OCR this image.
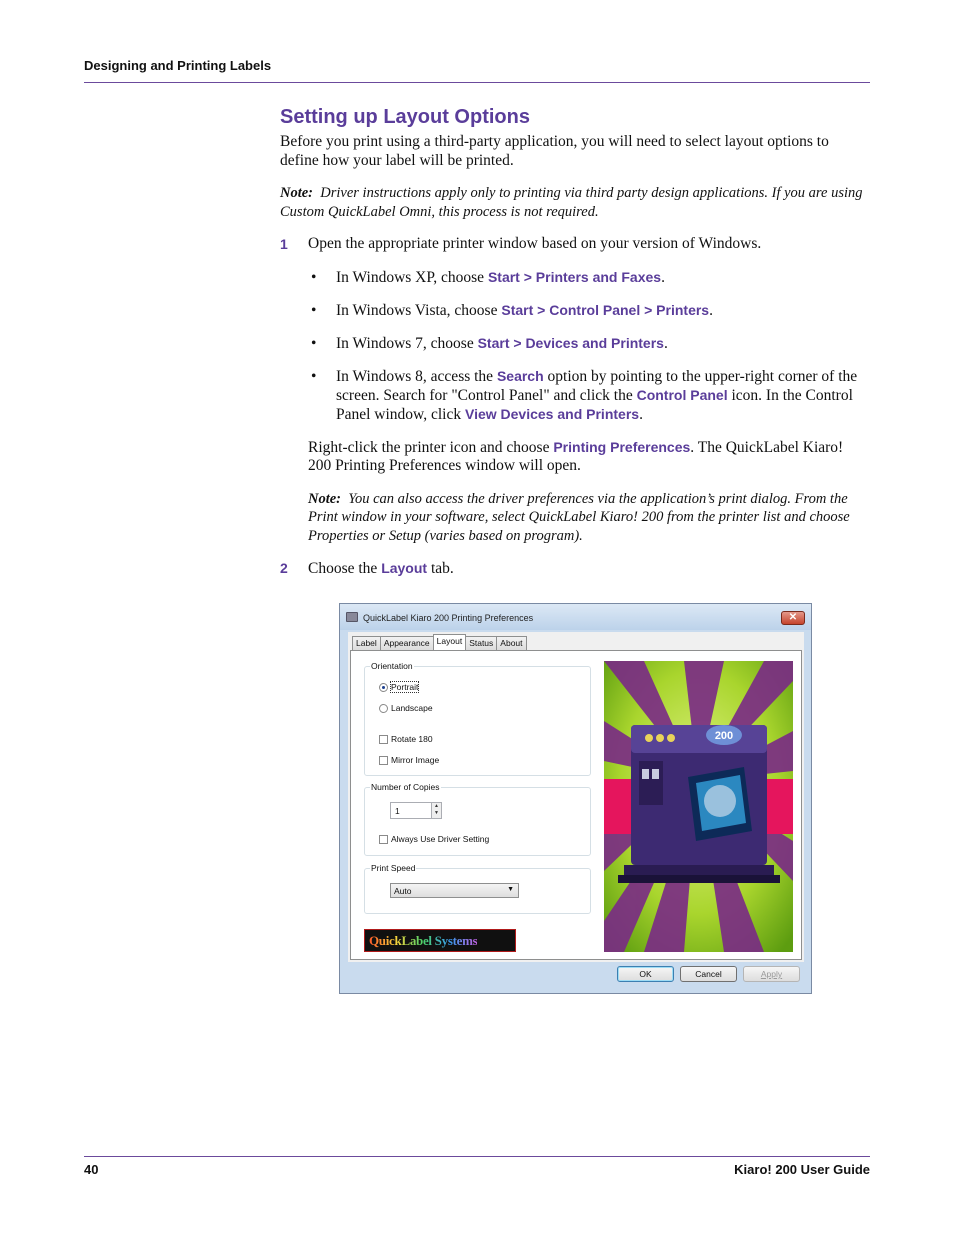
Designing and Printing Labels
Setting up Layout Options

Before you print using a third-party application, you will need to select layout options to define how your label will be printed.

Note: Driver instructions apply only to printing via third party design applications. If you are using Custom QuickLabel Omni, this process is not required.

1 Open the appropriate printer window based on your version of Windows.
• In Windows XP, choose Start > Printers and Faxes.
• In Windows Vista, choose Start > Control Panel > Printers.
• In Windows 7, choose Start > Devices and Printers.
• In Windows 8, access the Search option by pointing to the upper-right corner of the screen. Search for "Control Panel" and click the Control Panel icon. In the Control Panel window, click View Devices and Printers.

Right-click the printer icon and choose Printing Preferences. The QuickLabel Kiaro! 200 Printing Preferences window will open.

Note: You can also access the driver preferences via the application’s print dialog. From the Print window in your software, select QuickLabel Kiaro! 200 from the printer list and choose Properties or Setup (varies based on program).

2 Choose the Layout tab.
QuickLabel Kiaro 200 Printing Preferences	✕
Label Appearance Layout Status About
Orientation
Portrait
Landscape
Rotate 180
Mirror Image
Number of Copies
1	▲
▼
Always Use Driver Setting
Print Speed
Auto	▼
QuickLabel Systems
200
OK	Cancel	Apply
40	Kiaro! 200 User Guide
